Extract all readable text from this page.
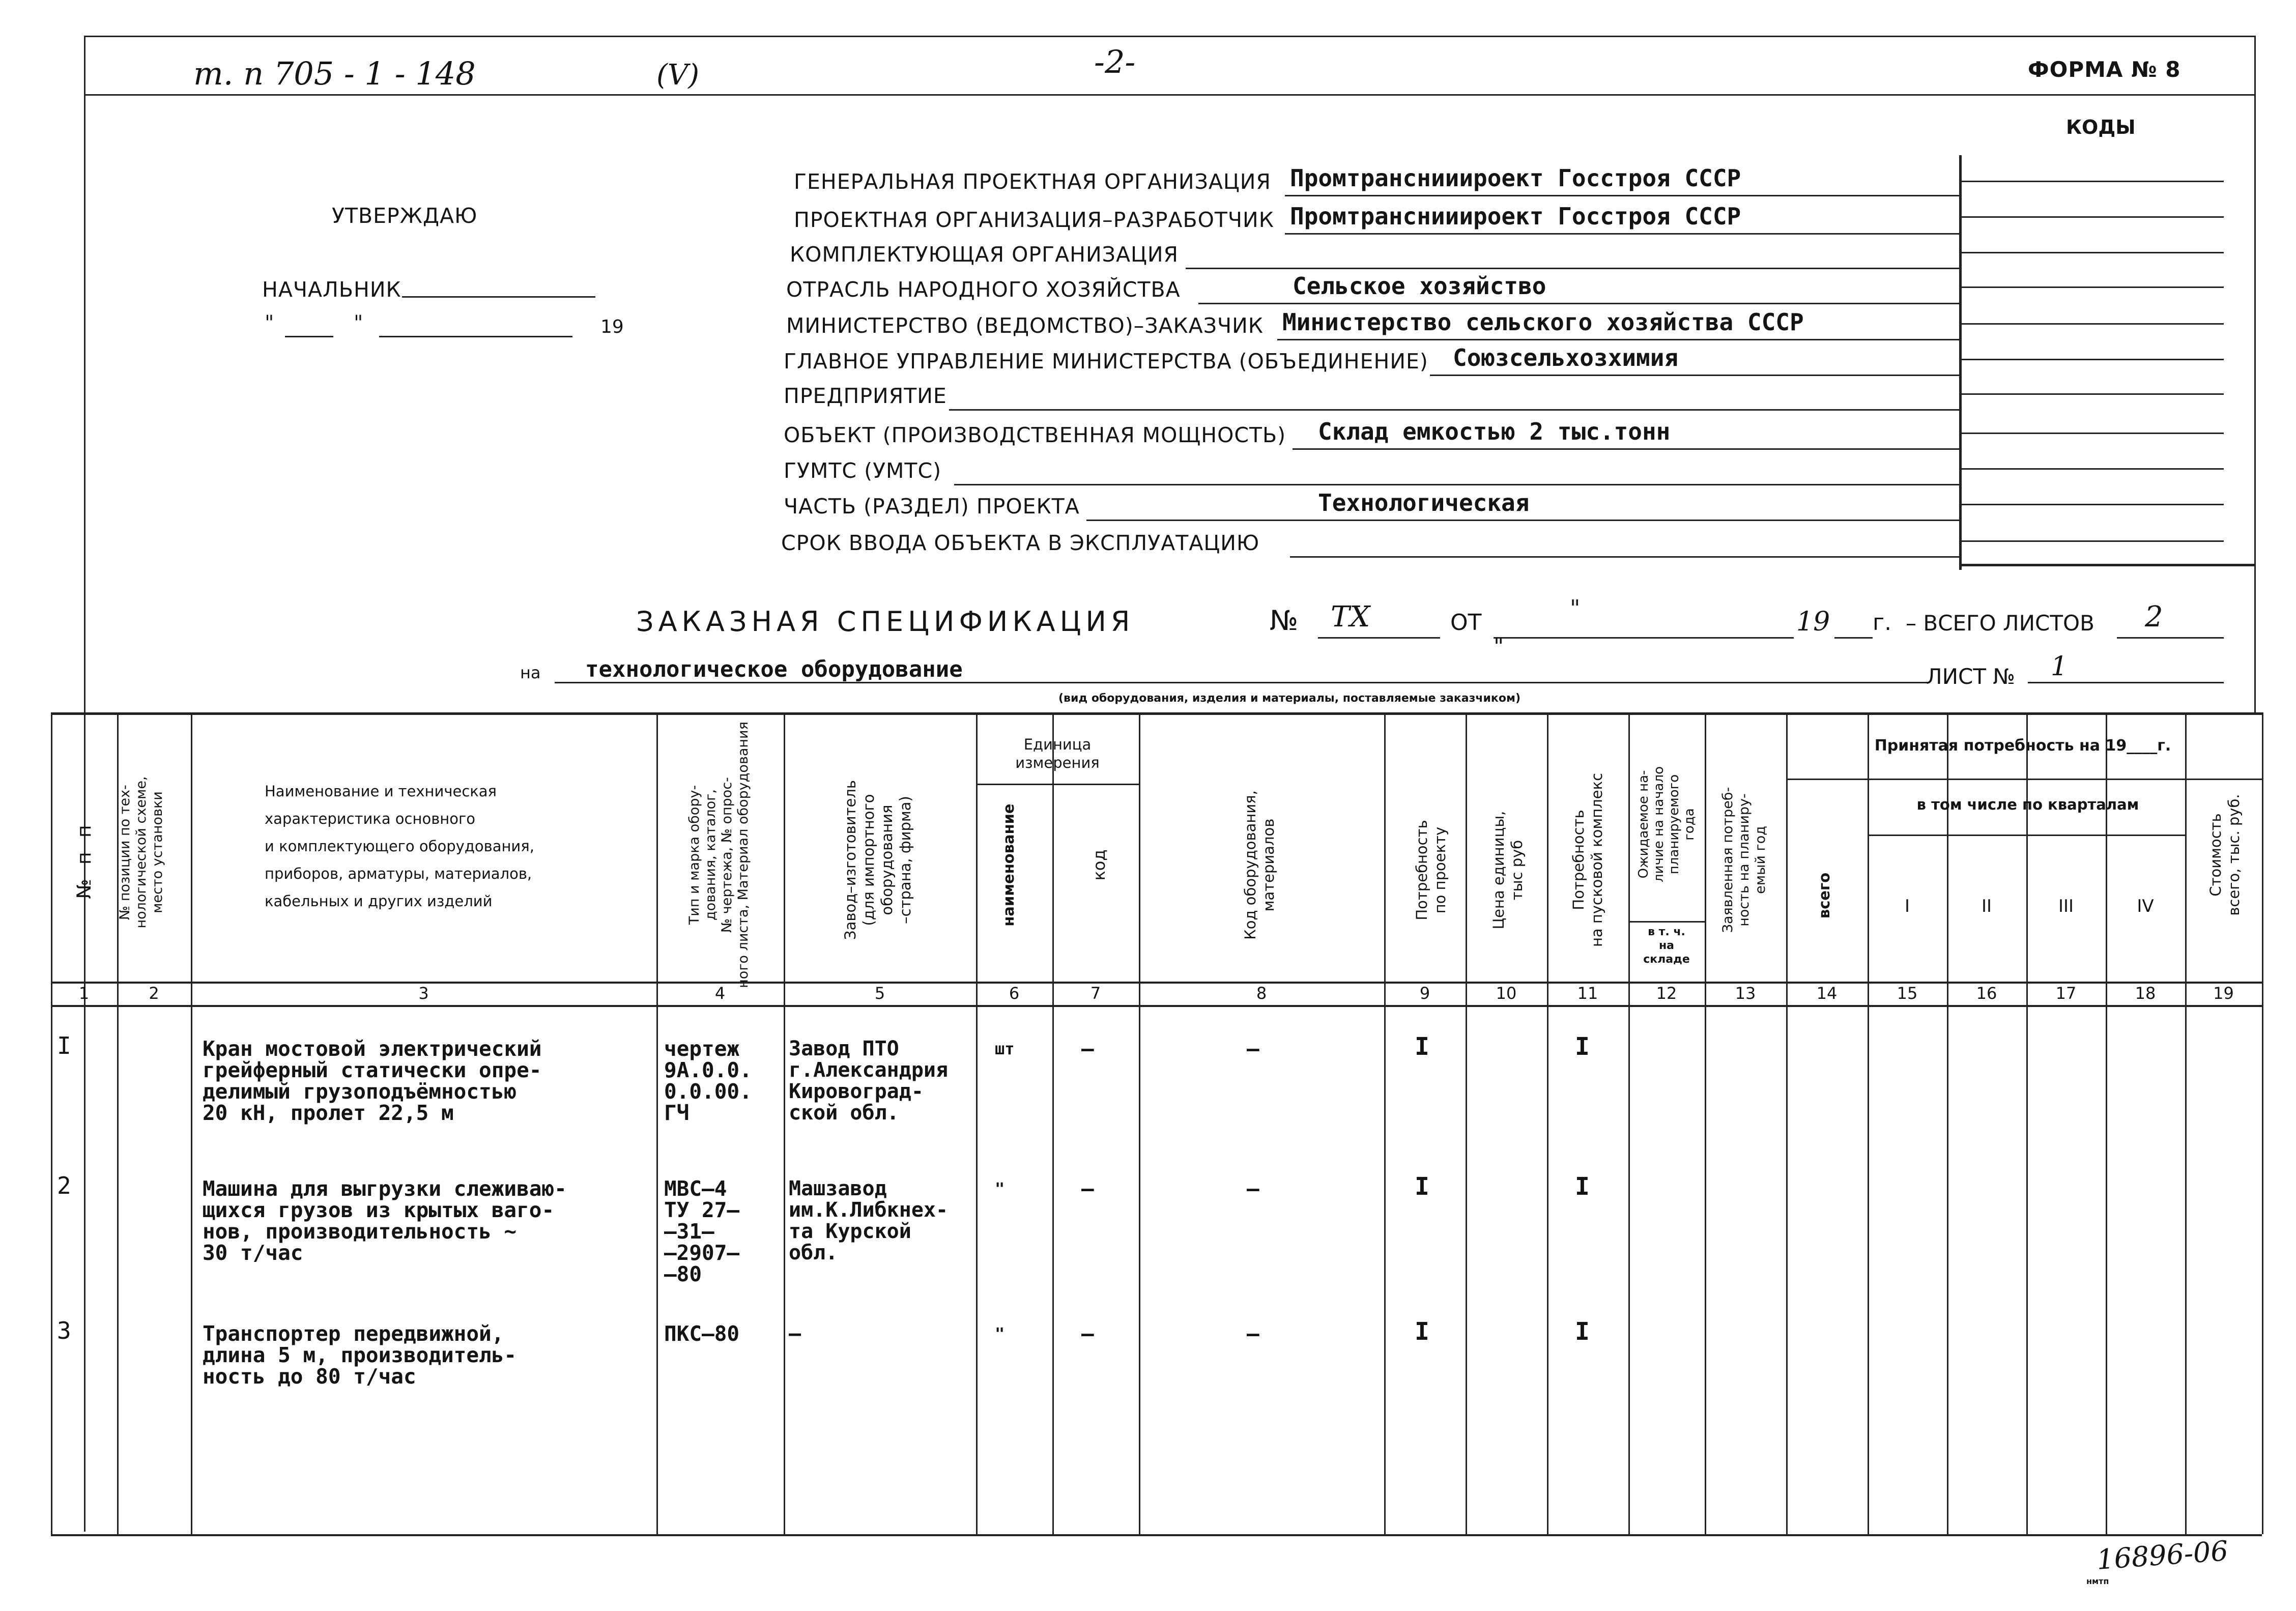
т. п 705 - 1 - 148	(Ⅴ)	-2-	ФОРМА № 8
КОДЫ
УТВЕРЖДАЮ
НАЧАЛЬНИК
"	"	19
ГЕНЕРАЛЬНАЯ ПРОЕКТНАЯ ОРГАНИЗАЦИЯ Промтранснииироект Госстроя СССР
ПРОЕКТНАЯ ОРГАНИЗАЦИЯ–РАЗРАБОТЧИК Промтранснииироект Госстроя СССР
КОМПЛЕКТУЮЩАЯ ОРГАНИЗАЦИЯ
ОТРАСЛЬ НАРОДНОГО ХОЗЯЙСТВА	Сельское хозяйство
МИНИСТЕРСТВО (ВЕДОМСТВО)–ЗАКАЗЧИК Министерство сельского хозяйства СССР
ГЛАВНОЕ УПРАВЛЕНИЕ МИНИСТЕРСТВА (ОБЪЕДИНЕНИЕ) Союзсельхозхимия
ПРЕДПРИЯТИЕ
ОБЪЕКТ (ПРОИЗВОДСТВЕННАЯ МОЩНОСТЬ) Склад емкостью 2 тыс.тонн
ГУМТС (УМТС)
ЧАСТЬ (РАЗДЕЛ) ПРОЕКТА	Технологическая
СРОК ВВОДА ОБЪЕКТА В ЭКСПЛУАТАЦИЮ
ЗАКАЗНАЯ СПЕЦИФИКАЦИЯ	№ ТХ	ОТ
"
"
19 г. – ВСЕГО ЛИСТОВ 2
на технологическое оборудование	ЛИСТ № 1
(вид оборудования, изделия и материалы, поставляемые заказчиком)
№ п п
№ позиции по тех-
нологической схеме,
место установки
Наименование и техническая
характеристика основного
и комплектующего оборудования,
приборов, арматуры, материалов,
кабельных и других изделий	Тип и марка обору-
дования, каталог,
№ чертежа, № опрос-
ного листа, Материал оборудования
Завод–изготовитель
(для импортного
оборудования
–страна, фирма)
Единица
измерения
наименование	код
Код оборудования,
материалов	Потребность
по проекту
Цена единицы,
тыс руб	Потребность
на пусковой комплекс Ожидаемое на-
личие на начало
планируемого
года
в т. ч.
на
складе
Заявленная потреб-
ность на планиру-
емый год
Принятая потребность на 19____г.
всего
в том числе по кварталам
I	II	III	IV
Стоимость
всего, тыс. руб.
1	2	3	4	5	6	7	8	9	10	11	12	13	14	15	16	17	18	19
I	Кран мостовой электрический
грейферный статически опре-
делимый грузоподъёмностью
20 кН, пролет 22,5 м
чертеж
9А.0.0.
0.0.00.
ГЧ
Завод ПТО
г.Александрия
Кировоград-
ской обл.
шт	–	–	I	I
2	Машина для выгрузки слеживаю-
щихся грузов из крытых ваго-
нов, производительность ~
30 т/час
МВС–4
ТУ 27–
–31–
–2907–
–80
Машзавод
им.К.Либкнех-
та Курской
обл.
"	–	–	I	I
3	Транспортер передвижной,
длина 5 м, производитель-
ность до 80 т/час
ПКС–80 –	"	–	–	I	I
16896-06
нмтп
